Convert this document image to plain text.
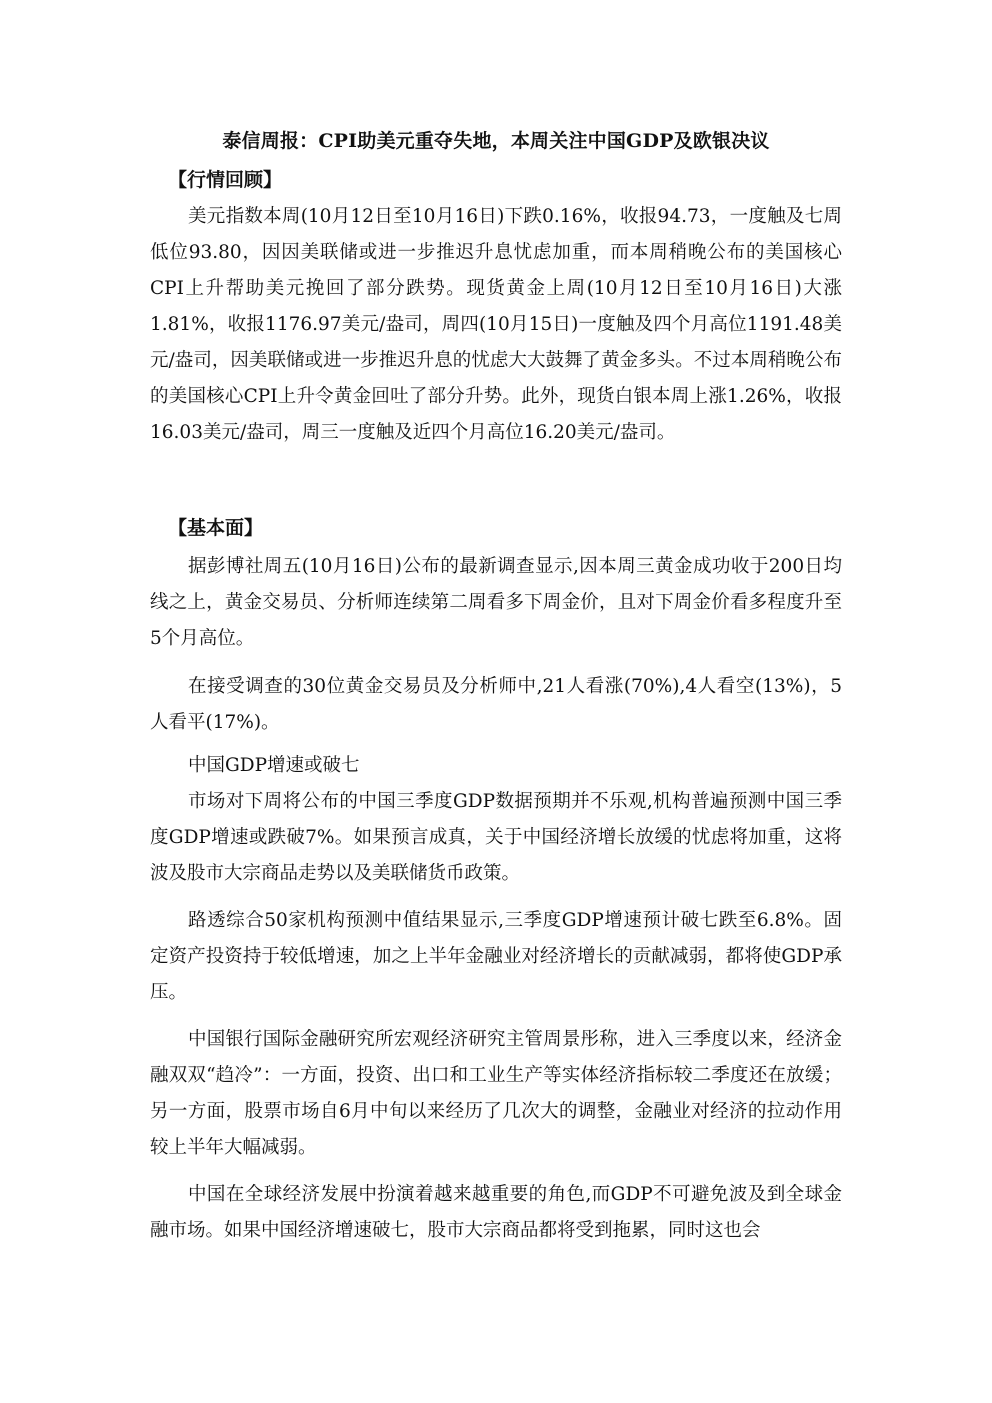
泰信周报：CPI助美元重夺失地，本周关注中国GDP及欧银决议
【行情回顾】

美元指数本周(10月12日至10月16日)下跌0.16%，收报94.73，一度触及七周低位93.80，因因美联储或进一步推迟升息忧虑加重，而本周稍晚公布的美国核心CPI上升帮助美元挽回了部分跌势。现货黄金上周(10月12日至10月16日)大涨1.81%，收报1176.97美元/盎司，周四(10月15日)一度触及四个月高位1191.48美元/盎司，因美联储或进一步推迟升息的忧虑大大鼓舞了黄金多头。不过本周稍晚公布的美国核心CPI上升令黄金回吐了部分升势。此外，现货白银本周上涨1.26%，收报16.03美元/盎司，周三一度触及近四个月高位16.20美元/盎司。

【基本面】

据彭博社周五(10月16日)公布的最新调查显示,因本周三黄金成功收于200日均线之上，黄金交易员、分析师连续第二周看多下周金价，且对下周金价看多程度升至5个月高位。

在接受调查的30位黄金交易员及分析师中,21人看涨(70%),4人看空(13%)，5人看平(17%)。

中国GDP增速或破七

市场对下周将公布的中国三季度GDP数据预期并不乐观,机构普遍预测中国三季度GDP增速或跌破7%。如果预言成真，关于中国经济增长放缓的忧虑将加重，这将波及股市大宗商品走势以及美联储货币政策。

路透综合50家机构预测中值结果显示,三季度GDP增速预计破七跌至6.8%。固定资产投资持于较低增速，加之上半年金融业对经济增长的贡献减弱，都将使GDP承压。

中国银行国际金融研究所宏观经济研究主管周景彤称，进入三季度以来，经济金融双双“趋冷”：一方面，投资、出口和工业生产等实体经济指标较二季度还在放缓；另一方面，股票市场自6月中旬以来经历了几次大的调整，金融业对经济的拉动作用较上半年大幅减弱。

中国在全球经济发展中扮演着越来越重要的角色,而GDP不可避免波及到全球金融市场。如果中国经济增速破七，股市大宗商品都将受到拖累，同时这也会
